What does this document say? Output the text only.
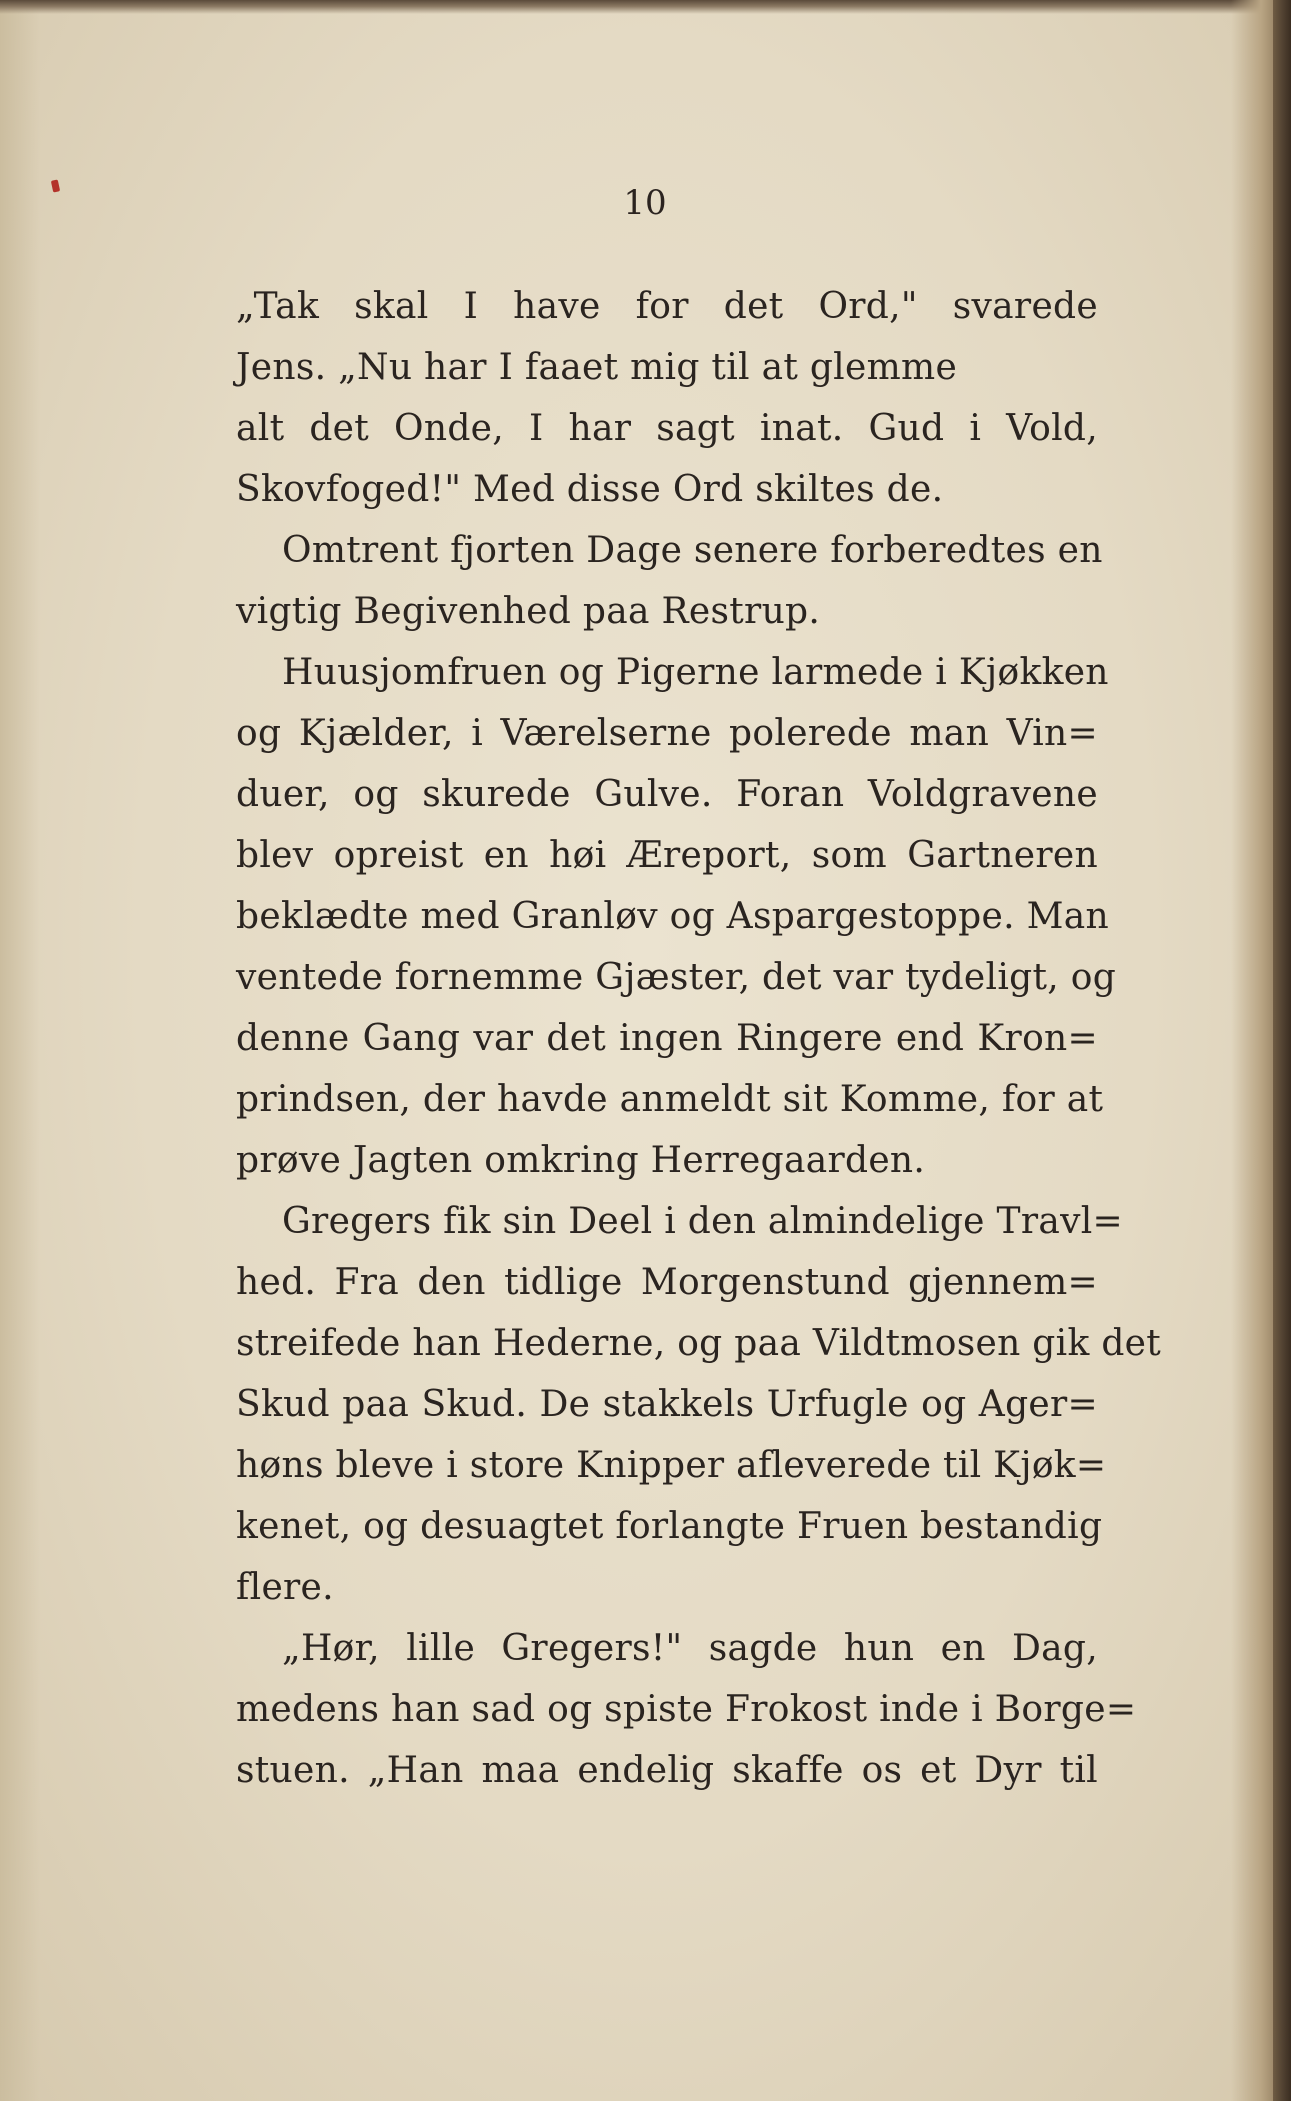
10
„Tak skal I have for det Ord," svarede
Jens. „Nu har I faaet mig til at glemme
alt det Onde, I har sagt inat. Gud i Vold,
Skovfoged!" Med disse Ord skiltes de.
Omtrent fjorten Dage senere forberedtes en
vigtig Begivenhed paa Restrup.
Huusjomfruen og Pigerne larmede i Kjøkken
og Kjælder, i Værelserne polerede man Vin=
duer, og skurede Gulve. Foran Voldgravene
blev opreist en høi Æreport, som Gartneren
beklædte med Granløv og Aspargestoppe. Man
ventede fornemme Gjæster, det var tydeligt, og
denne Gang var det ingen Ringere end Kron=
prindsen, der havde anmeldt sit Komme, for at
prøve Jagten omkring Herregaarden.
Gregers fik sin Deel i den almindelige Travl=
hed. Fra den tidlige Morgenstund gjennem=
streifede han Hederne, og paa Vildtmosen gik det
Skud paa Skud. De stakkels Urfugle og Ager=
høns bleve i store Knipper afleverede til Kjøk=
kenet, og desuagtet forlangte Fruen bestandig
flere.
„Hør, lille Gregers!" sagde hun en Dag,
medens han sad og spiste Frokost inde i Borge=
stuen. „Han maa endelig skaffe os et Dyr til
